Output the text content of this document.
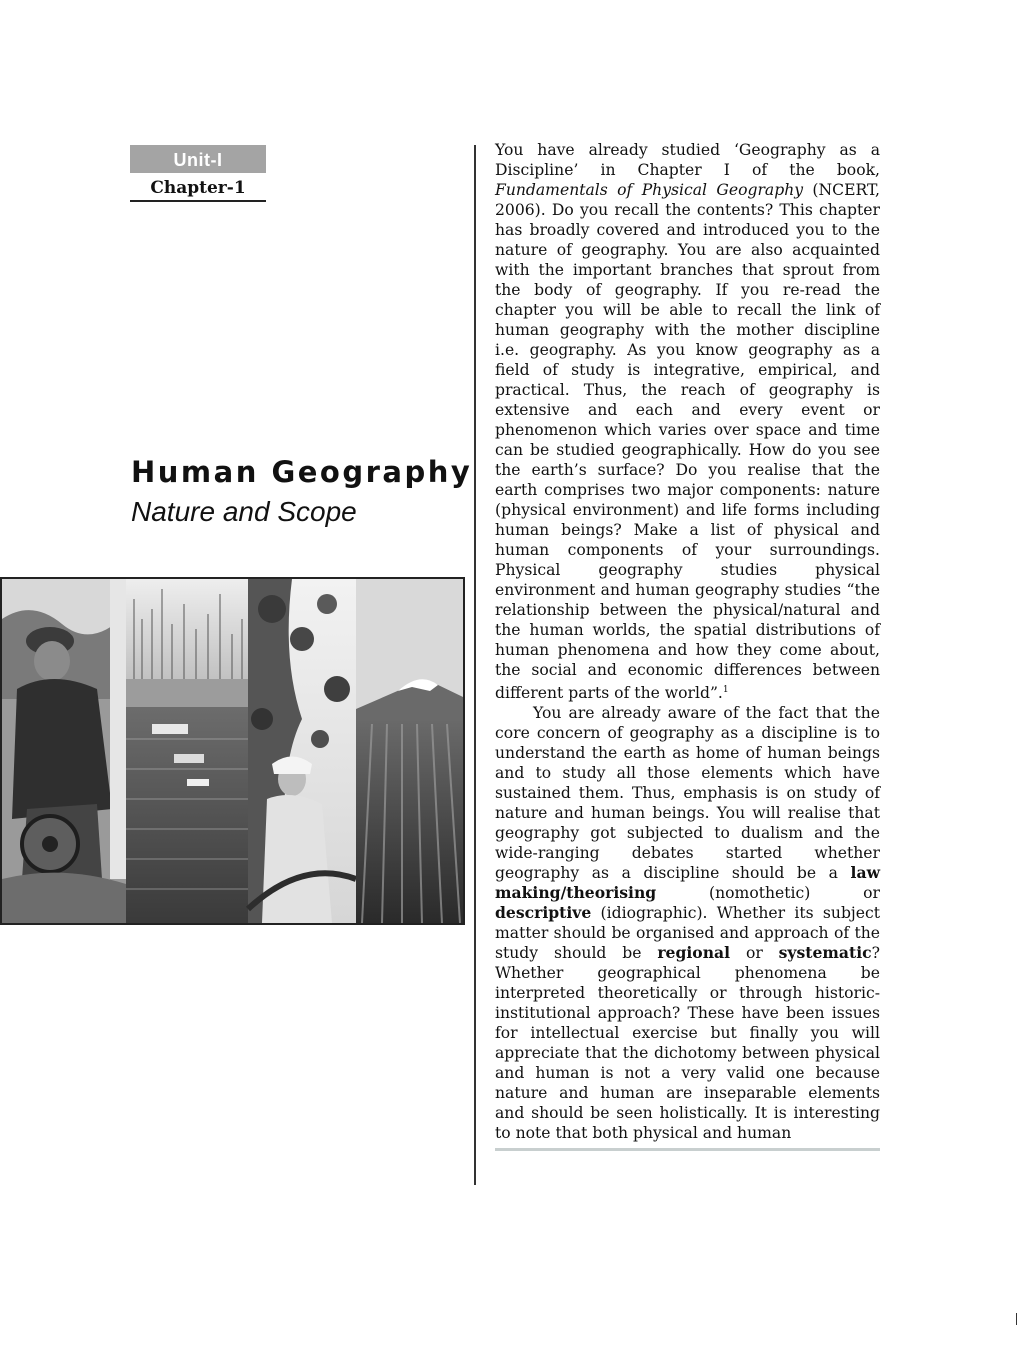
Unit-I
Chapter-1
Human Geography
Nature and Scope

You have already studied ‘Geography as a Discipline’ in Chapter I of the book, Fundamentals of Physical Geography (NCERT, 2006). Do you recall the contents? This chapter has broadly covered and introduced you to the nature of geography. You are also acquainted with the important branches that sprout from the body of geography. If you re-read the chapter you will be able to recall the link of human geography with the mother discipline i.e. geography. As you know geography as a field of study is integrative, empirical, and practical. Thus, the reach of geography is extensive and each and every event or phenomenon which varies over space and time can be studied geographically. How do you see the earth’s surface? Do you realise that the earth comprises two major components: nature (physical environment) and life forms including human beings? Make a list of physical and human components of your surroundings. Physical geography studies physical environment and human geography studies “the relationship between the physical/natural and the human worlds, the spatial distributions of human phenomena and how they come about, the social and economic differences between different parts of the world”.$^1$

You are already aware of the fact that the core concern of geography as a discipline is to understand the earth as home of human beings and to study all those elements which have sustained them. Thus, emphasis is on study of nature and human beings. You will realise that geography got subjected to dualism and the wide-ranging debates started whether geography as a discipline should be a law making/theorising (nomothetic) or descriptive (idiographic). Whether its subject matter should be organised and approach of the study should be regional or systematic? Whether geographical phenomena be interpreted theoretically or through historic-institutional approach? These have been issues for intellectual exercise but finally you will appreciate that the dichotomy between physical and human is not a very valid one because nature and human are inseparable elements and should be seen holistically. It is interesting to note that both physical and human
